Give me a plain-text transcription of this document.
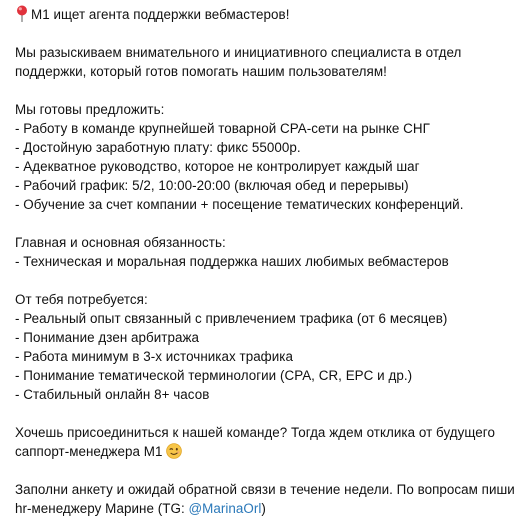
M1 ищет агента поддержки вебмастеров!
Мы разыскиваем внимательного и инициативного специалиста в отдел
поддержки, который готов помогать нашим пользователям!
Мы готовы предложить:
- Работу в команде крупнейшей товарной CPA-сети на рынке СНГ
- Достойную заработную плату: фикс 55000р.
- Адекватное руководство, которое не контролирует каждый шаг
- Рабочий график: 5/2, 10:00-20:00 (включая обед и перерывы)
- Обучение за счет компании + посещение тематических конференций.
Главная и основная обязанность:
- Техническая и моральная поддержка наших любимых вебмастеров
От тебя потребуется:
- Реальный опыт связанный с привлечением трафика (от 6 месяцев)
- Понимание дзен арбитража
- Работа минимум в 3-х источниках трафика
- Понимание тематической терминологии (CPA, CR, EPC и др.)
- Стабильный онлайн 8+ часов
Хочешь присоединиться к нашей команде? Тогда ждем отклика от будущего
саппорт-менеджера М1
Заполни анкету и ожидай обратной связи в течение недели. По вопросам пиши
hr-менеджеру Марине (TG: @MarinaOrl)
